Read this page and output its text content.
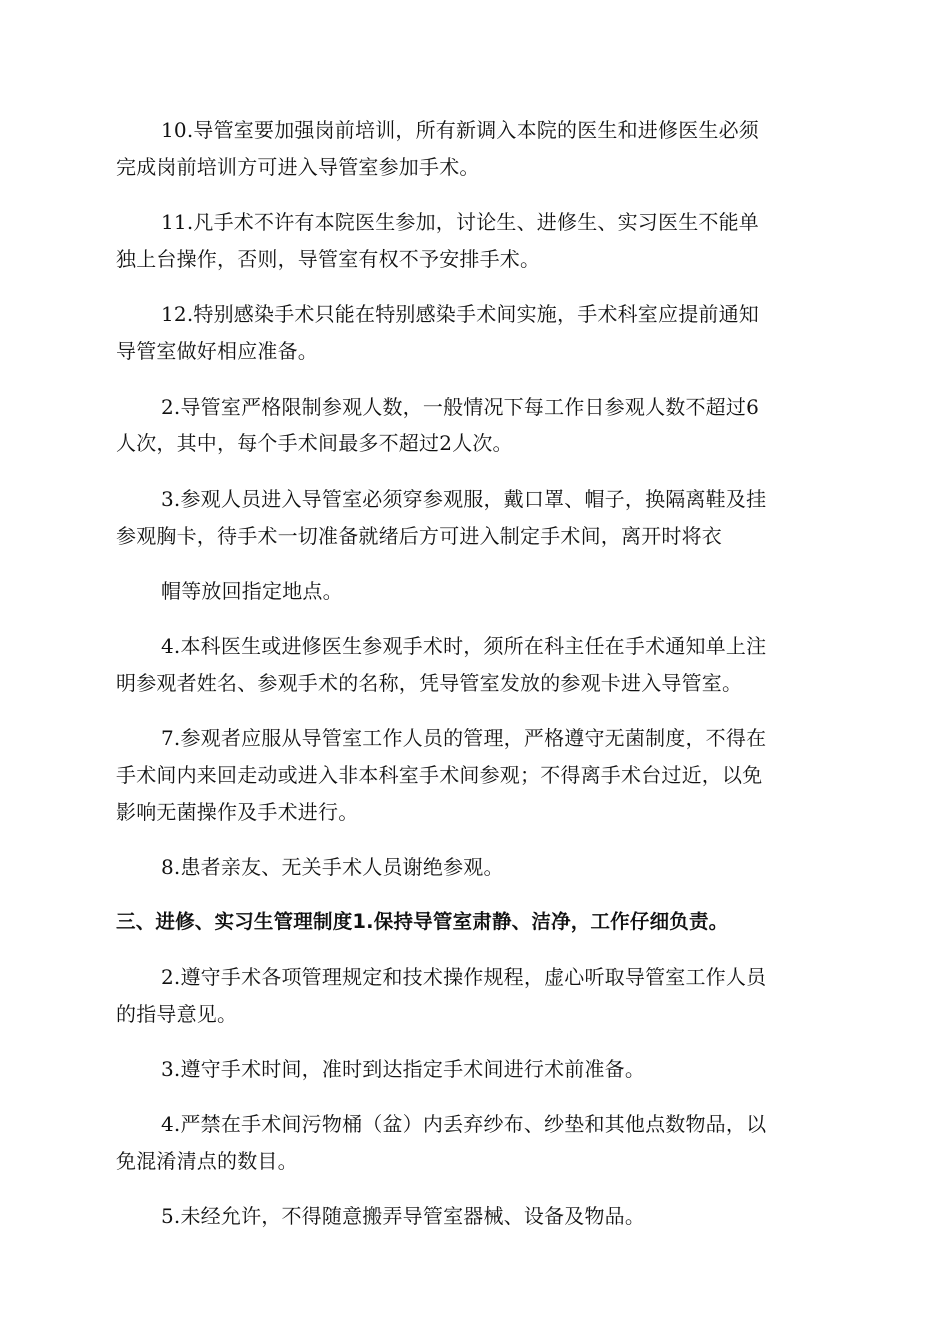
10.导管室要加强岗前培训，所有新调入本院的医生和进修医生必须
完成岗前培训方可进入导管室参加手术。
11.凡手术不许有本院医生参加，讨论生、进修生、实习医生不能单
独上台操作，否则，导管室有权不予安排手术。
12.特别感染手术只能在特别感染手术间实施，手术科室应提前通知
导管室做好相应准备。
2.导管室严格限制参观人数，一般情况下每工作日参观人数不超过6
人次，其中，每个手术间最多不超过2人次。
3.参观人员进入导管室必须穿参观服，戴口罩、帽子，换隔离鞋及挂
参观胸卡，待手术一切准备就绪后方可进入制定手术间，离开时将衣
帽等放回指定地点。
4.本科医生或进修医生参观手术时，须所在科主任在手术通知单上注
明参观者姓名、参观手术的名称，凭导管室发放的参观卡进入导管室。
7.参观者应服从导管室工作人员的管理，严格遵守无菌制度，不得在
手术间内来回走动或进入非本科室手术间参观；不得离手术台过近，以免
影响无菌操作及手术进行。
8.患者亲友、无关手术人员谢绝参观。
三、进修、实习生管理制度1.保持导管室肃静、洁净，工作仔细负责。
2.遵守手术各项管理规定和技术操作规程，虚心听取导管室工作人员
的指导意见。
3.遵守手术时间，准时到达指定手术间进行术前准备。
4.严禁在手术间污物桶（盆）内丢弃纱布、纱垫和其他点数物品，以
免混淆清点的数目。
5.未经允许，不得随意搬弄导管室器械、设备及物品。
